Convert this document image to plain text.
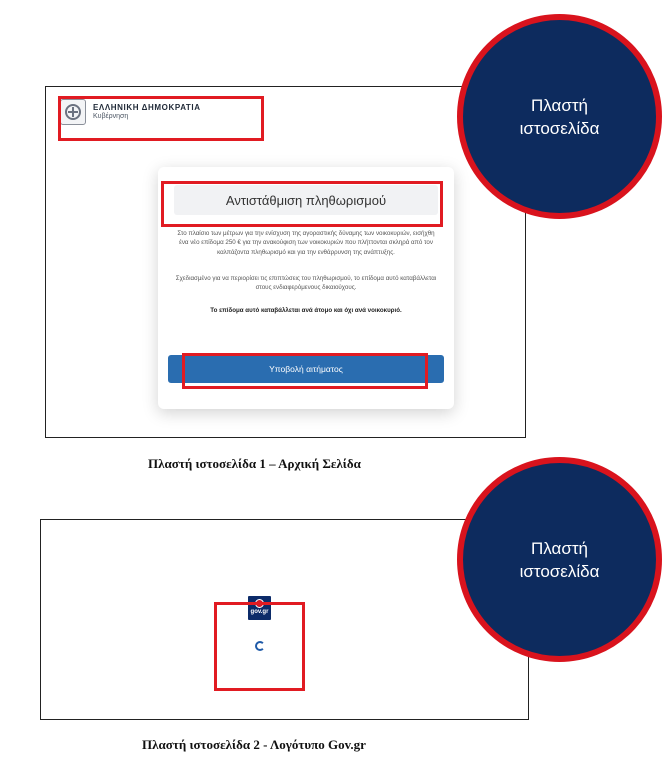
ΕΛΛΗΝΙΚΗ ΔΗΜΟΚΡΑΤΙΑ
Κυβέρνηση
Αντιστάθμιση πληθωρισμού
Στο πλαίσιο των μέτρων για την ενίσχυση της αγοραστικής δύναμης των νοικοκυριών, εισήχθη ένα νέο επίδομα 250 € για την ανακούφιση των νοικοκυριών που πλήττονται σκληρά από τον καλπάζοντα πληθωρισμό και για την ενθάρρυνση της ανάπτυξης.
Σχεδιασμένο για να περιορίσει τις επιπτώσεις του πληθωρισμού, το επίδομα αυτό καταβάλλεται στους ενδιαφερόμενους δικαιούχους.
Το επίδομα αυτό καταβάλλεται ανά άτομο και όχι ανά νοικοκυριό.
Υποβολή αιτήματος
Πλαστή
ιστοσελίδα
Πλαστή ιστοσελίδα 1 – Αρχική Σελίδα
gov.gr
Πλαστή
ιστοσελίδα
Πλαστή ιστοσελίδα 2 - Λογότυπο Gov.gr
